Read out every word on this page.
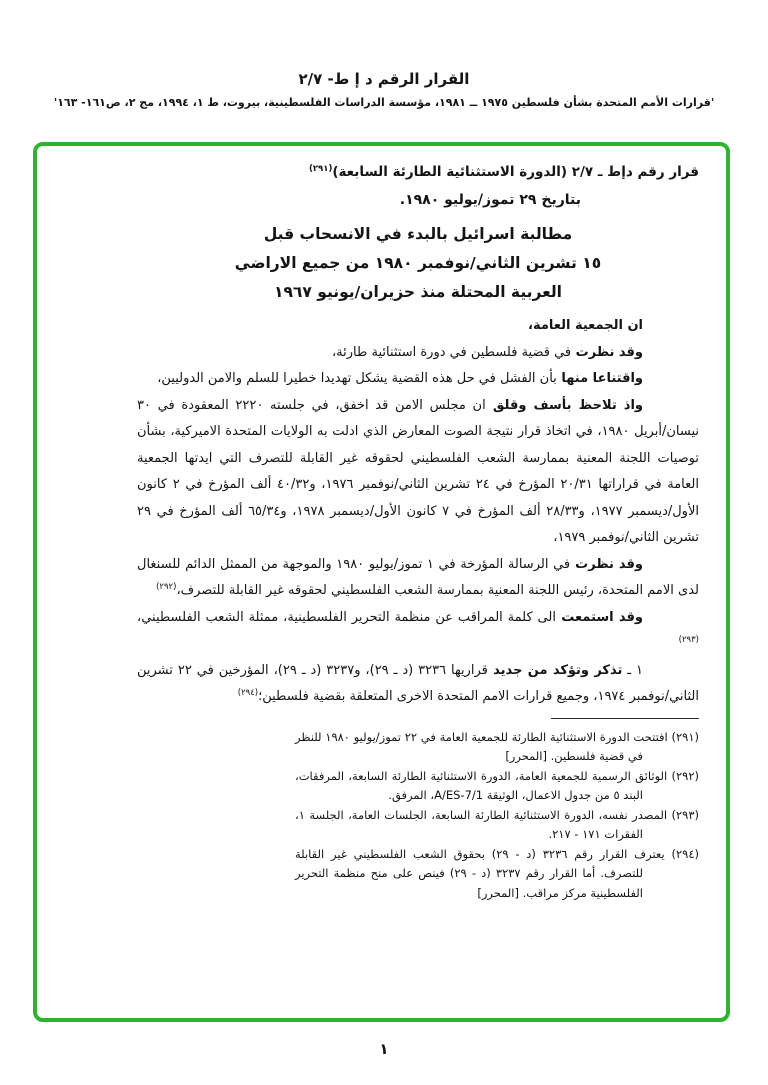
القرار الرقم د إ ط- ٢/٧
'قرارات الأمم المتحدة بشأن فلسطين ١٩٧٥ ــ ١٩٨١، مؤسسة الدراسات الفلسطينية، بيروت، ط ١، ١٩٩٤، مج ٢، ص١٦١- ١٦٣'
قرار رقم دإط ـ ٢/٧ (الدورة الاستثنائية الطارئة السابعة)$^{(٢٩١)}$
بتاريخ ٢٩ تموز/يوليو ١٩٨٠.
مطالبة اسرائيل بالبدء في الانسحاب قبل
١٥ تشرين الثاني/نوفمبر ١٩٨٠ من جميع الاراضي
العربية المحتلة منذ حزيران/يونيو ١٩٦٧

ان الجمعية العامة،

وقد نظرت في قضية فلسطين في دورة استثنائية طارئة،

واقتناعا منها بأن الفشل في حل هذه القضية يشكل تهديدا خطيرا للسلم والامن الدوليين،

واذ تلاحظ بأسف وقلق ان مجلس الامن قد اخفق، في جلسته ٢٢٢٠ المعقودة في ٣٠ نيسان/أبريل ١٩٨٠، في اتخاذ قرار نتيجة الصوت المعارض الذي ادلت به الولايات المتحدة الاميركية، بشأن توصيات اللجنة المعنية بممارسة الشعب الفلسطيني لحقوقه غير القابلة للتصرف التي ايدتها الجمعية العامة في قراراتها ٢٠/٣١ المؤرخ في ٢٤ تشرين الثاني/نوفمبر ١٩٧٦، و٤٠/٣٢ ألف المؤرخ في ٢ كانون الأول/ديسمبر ١٩٧٧، و٢٨/٣٣ ألف المؤرخ في ٧ كانون الأول/ديسمبر ١٩٧٨، و٦٥/٣٤ ألف المؤرخ في ٢٩ تشرين الثاني/نوفمبر ١٩٧٩،

وقد نظرت في الرسالة المؤرخة في ١ تموز/يوليو ١٩٨٠ والموجهة من الممثل الدائم للسنغال لدى الامم المتحدة، رئيس اللجنة المعنية بممارسة الشعب الفلسطيني لحقوقه غير القابلة للتصرف،$^{(٢٩٢)}$

وقد استمعت الى كلمة المراقب عن منظمة التحرير الفلسطينية، ممثلة الشعب الفلسطيني،$^{(٢٩٣)}$

١ ـ تذكر وتؤكد من جديد قراريها ٣٢٣٦ (د ـ ٢٩)، و٣٢٣٧ (د ـ ٢٩)، المؤرخين في ٢٢ تشرين الثاني/نوفمبر ١٩٧٤، وجميع قرارات الامم المتحدة الاخرى المتعلقة بقضية فلسطين؛$^{(٢٩٤)}$

(٢٩١) افتتحت الدورة الاستثنائية الطارئة للجمعية العامة في ٢٢ تموز/يوليو ١٩٨٠ للنظر في قضية فلسطين. [المحرر]

(٢٩٢) الوثائق الرسمية للجمعية العامة، الدورة الاستثنائية الطارئة السابعة، المرفقات، البند ٥ من جدول الاعمال، الوثيقة ‎A/ES-7/1‎، المرفق.

(٢٩٣) المصدر نفسه، الدورة الاستثنائية الطارئة السابعة، الجلسات العامة، الجلسة ١، الفقرات ١٧١ - ٢١٧.

(٢٩٤) يعترف القرار رقم ٣٢٣٦ (د - ٢٩) بحقوق الشعب الفلسطيني غير القابلة للتصرف. أما القرار رقم ٣٢٣٧ (د - ٢٩) فينص على منح منظمة التحرير الفلسطينية مركز مراقب. [المحرر]

١
